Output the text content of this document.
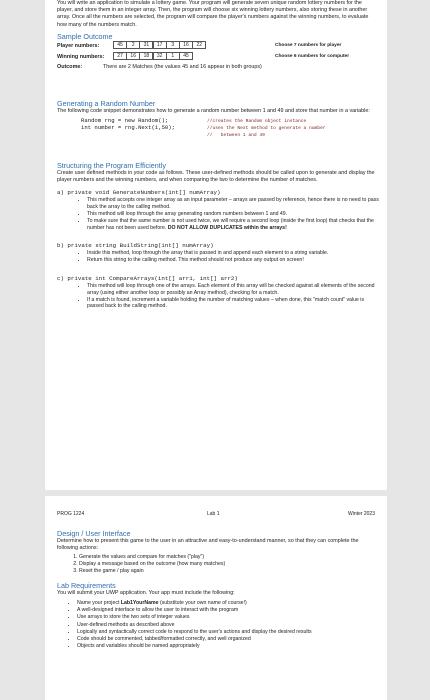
You will write an application to simulate a lottery game. Your program will generate seven unique random lottery numbers for the player, and store them in an integer array. Then, the program will choose six winning lottery numbers, also storing these in another array. Once all the numbers are selected, the program will compare the player's numbers against the winning numbers, to evaluate how many of the numbers match.

Sample Outcome

Player numbers:	45	2	31	17	3	16	22	Choose 7 numbers for player
Winning numbers:	27	16	18	32	1	45	Choose 6 numbers for computer
Outcome:	There are 2 Matches (the values 45 and 16 appear in both groups)

Generating a Random Number

The following code snippet demonstrates how to generate a random number between 1 and 49 and store that number in a variable:

Random rng = new Random();
int number = rng.Next(1,50);
//creates the Random object instance
//uses the Next method to generate a number
//   between 1 and 49

Structuring the Program Efficiently

Create user defined methods in your code as follows. These user-defined methods should be called upon to generate and display the player numbers and the winning numbers, and when comparing the two to determine the number of matches.

a) private void GenerateNumbers(int[] numArray)

• This method accepts one integer array as an input parameter – arrays are passed by reference, hence there is no need to pass back the array to the calling method.
• This method will loop through the array generating random numbers between 1 and 49.
• To make sure that the same number is not used twice, we will require a second loop (inside the first loop) that checks that the number has not been used before. DO NOT ALLOW DUPLICATES within the arrays!

b) private string BuildString(int[] numArray)

• Inside this method, loop through the array that is passed in and append each element to a string variable.
• Return this string to the calling method. This method should not produce any output on screen!

c) private int CompareArrays(int[] arr1, int[] arr2)

• This method will loop through one of the arrays. Each element of this array will be checked against all elements of the second array (using either another loop or possibly an Array method), checking for a match.
• If a match is found, increment a variable holding the number of matching values – when done, this "match count" value is passed back to the calling method.
PROG 1224	Lab 1	Winter 2023

Design / User Interface

Determine how to present this game to the user in an attractive and easy-to-understand manner, so that they can complete the following actions:

1. Generate the values and compare for matches ("play")
2. Display a message based on the outcome (how many matches)
3. Reset the game / play again

Lab Requirements

You will submit your UWP application. Your app must include the following:

• Name your project Lab1YourName (substitute your own name of course!)
• A well-designed interface to allow the user to interact with the program
• Use arrays to store the two sets of integer values
• User-defined methods as described above
• Logically and syntactically correct code to respond to the user's actions and display the desired results
• Code should be commented, tabbed/formatted correctly, and well organized
• Objects and variables should be named appropriately
